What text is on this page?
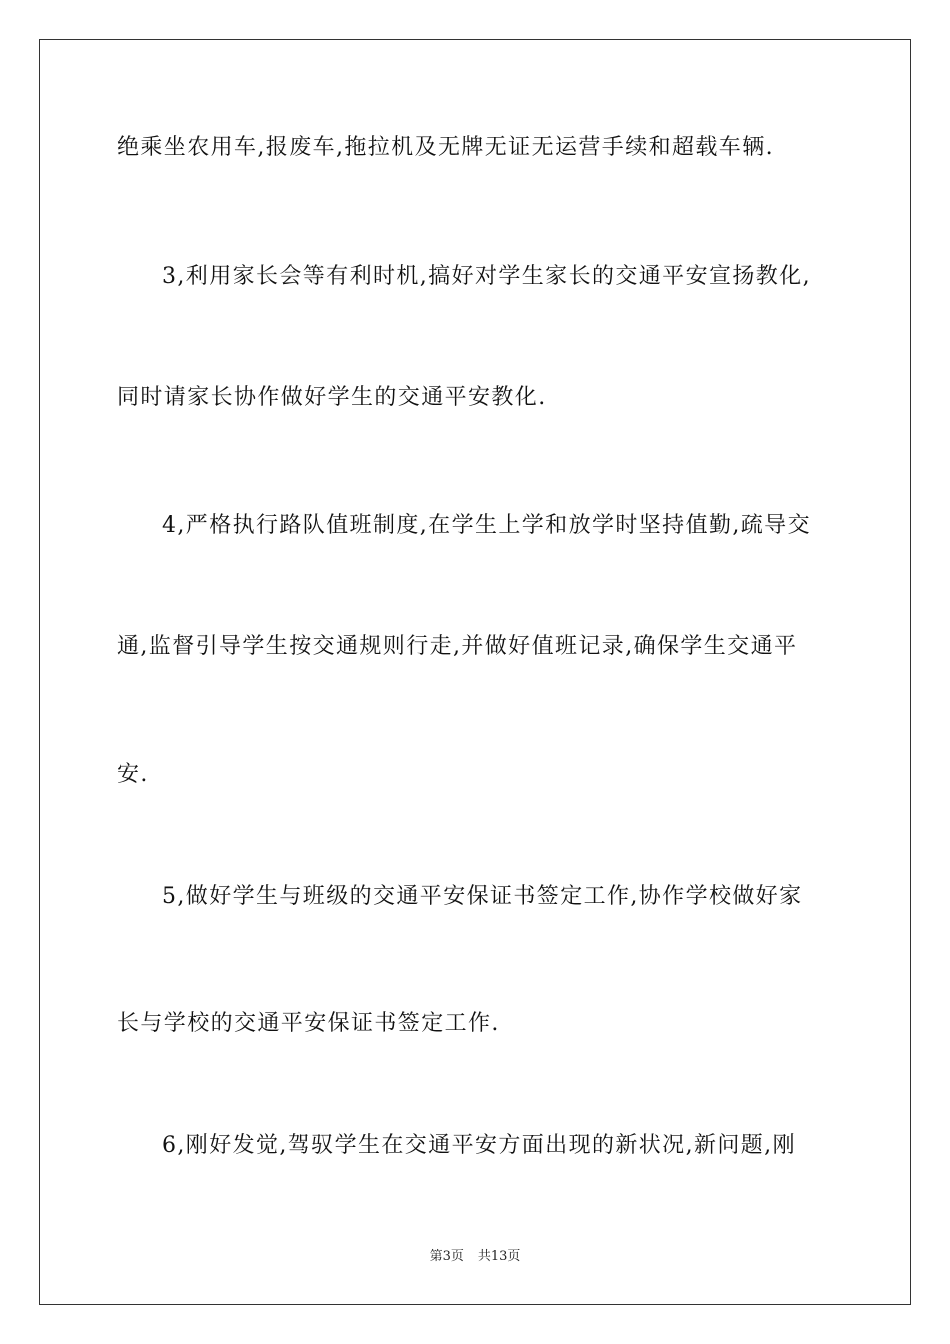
绝乘坐农用车,报废车,拖拉机及无牌无证无运营手续和超载车辆.
3,利用家长会等有利时机,搞好对学生家长的交通平安宣扬教化,
同时请家长协作做好学生的交通平安教化.
4,严格执行路队值班制度,在学生上学和放学时坚持值勤,疏导交
通,监督引导学生按交通规则行走,并做好值班记录,确保学生交通平
安.
5,做好学生与班级的交通平安保证书签定工作,协作学校做好家
长与学校的交通平安保证书签定工作.
6,刚好发觉,驾驭学生在交通平安方面出现的新状况,新问题,刚
第3页 共13页
